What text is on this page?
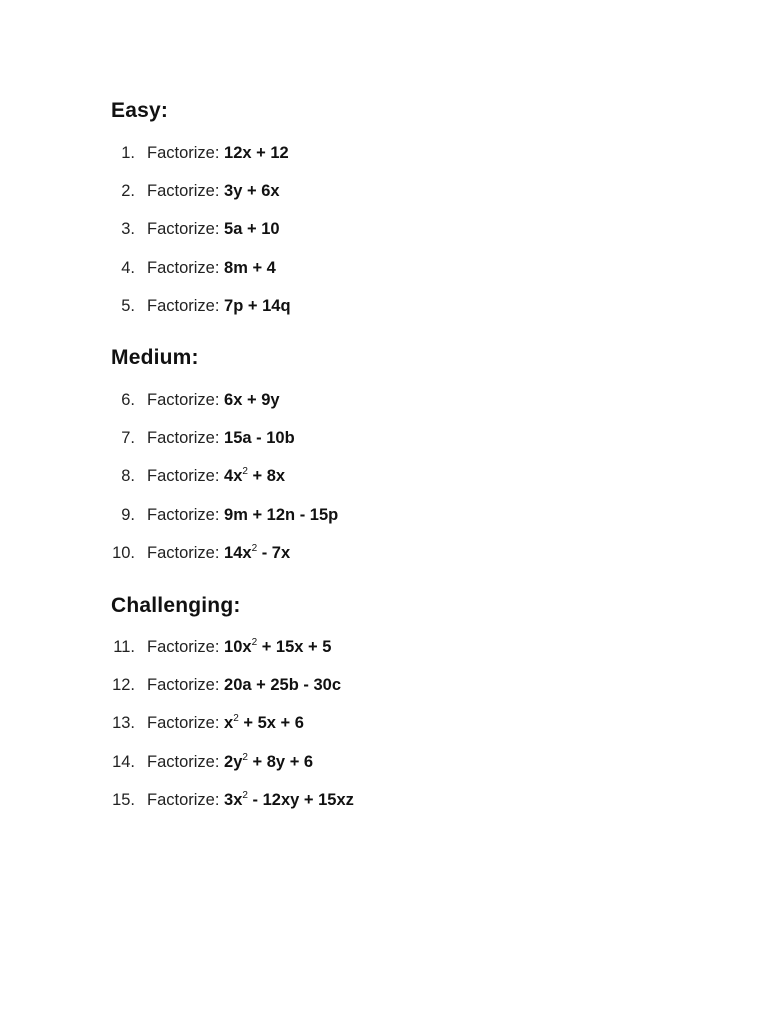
Easy:
1. Factorize: 12x + 12
2. Factorize: 3y + 6x
3. Factorize: 5a + 10
4. Factorize: 8m + 4
5. Factorize: 7p + 14q
Medium:
6. Factorize: 6x + 9y
7. Factorize: 15a - 10b
8. Factorize: $4x^2 + 8x$
9. Factorize: 9m + 12n - 15p
10. Factorize: $14x^2 - 7x$
Challenging:
11. Factorize: $10x^2 + 15x + 5$
12. Factorize: 20a + 25b - 30c
13. Factorize: $x^2 + 5x + 6$
14. Factorize: $2y^2 + 8y + 6$
15. Factorize: $3x^2 - 12xy + 15xz$
